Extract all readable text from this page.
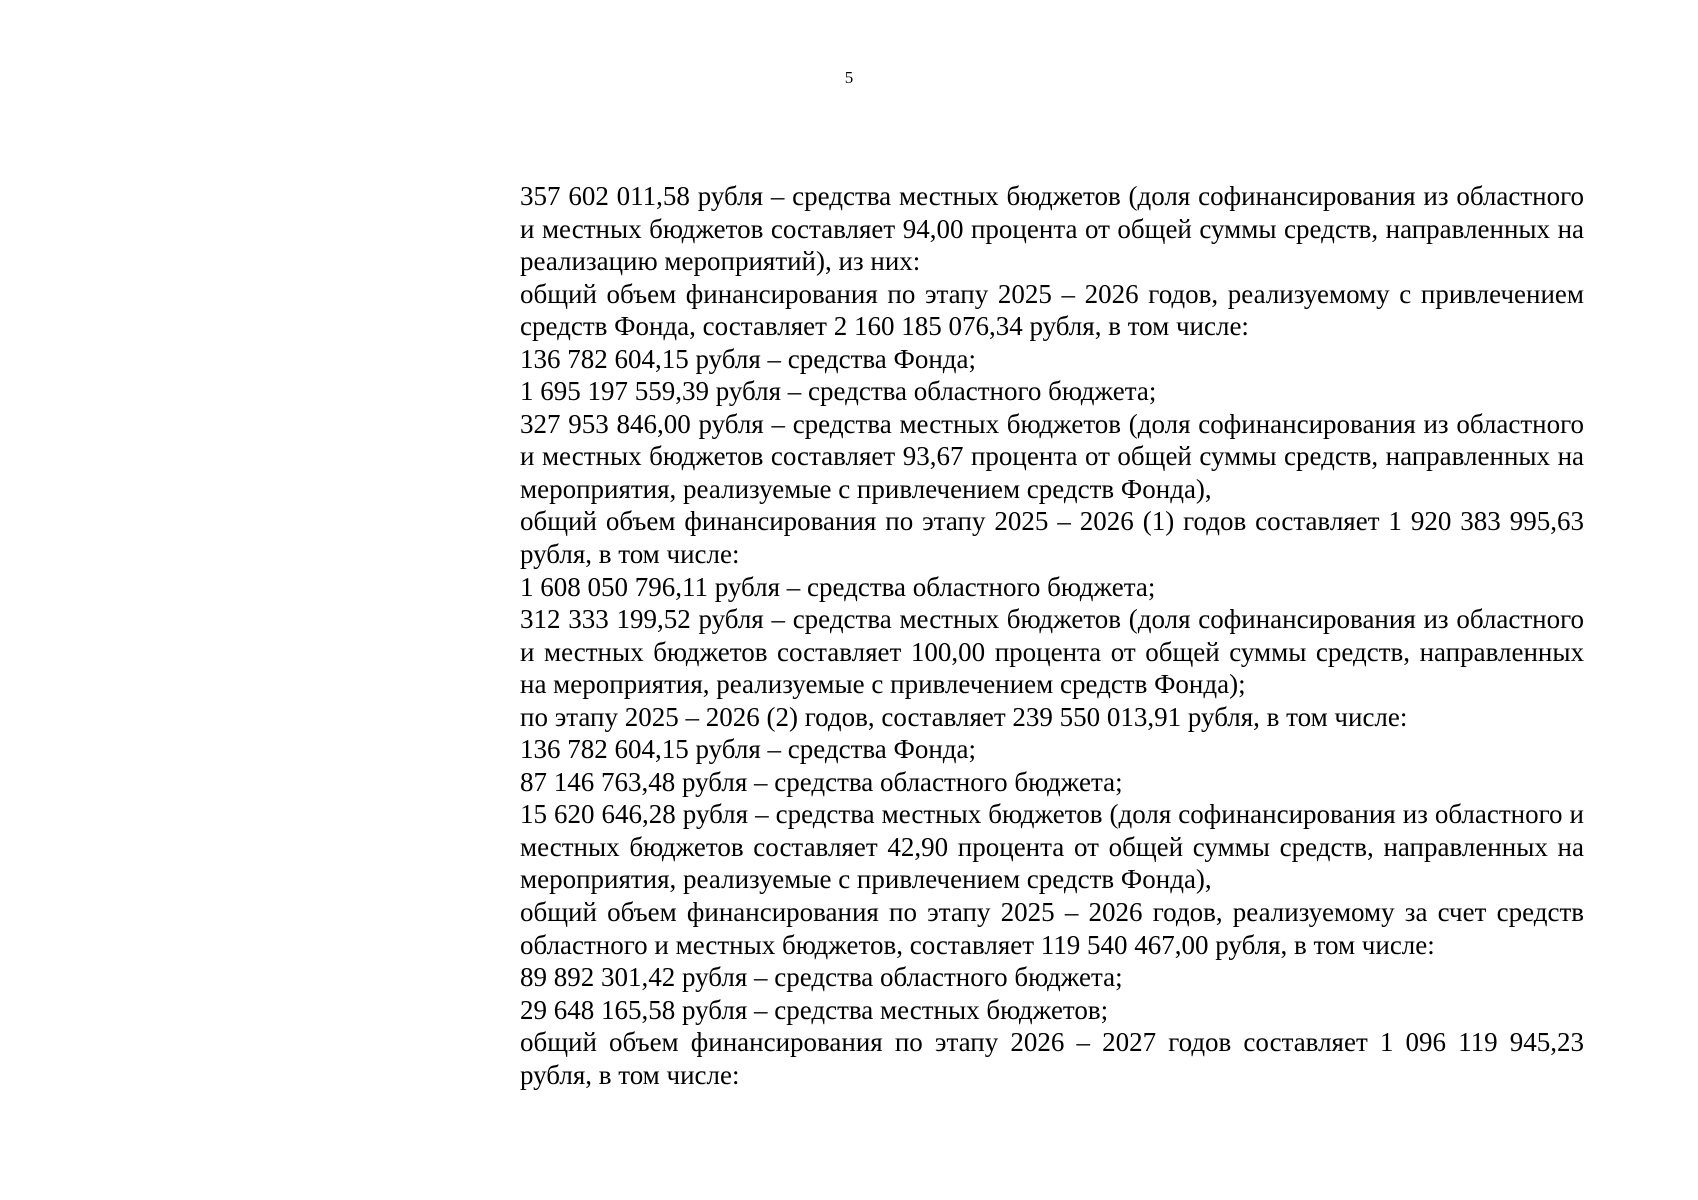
5

357 602 011,58 рубля – средства местных бюджетов (доля софинансирования из областного и местных бюджетов составляет 94,00 процента от общей суммы средств, направленных на реализацию мероприятий), из них:

общий объем финансирования по этапу 2025 – 2026 годов, реализуемому с привлечением средств Фонда, составляет 2 160 185 076,34 рубля, в том числе:

136 782 604,15 рубля – средства Фонда;

1 695 197 559,39 рубля – средства областного бюджета;

327 953 846,00 рубля – средства местных бюджетов (доля софинансирования из областного и местных бюджетов составляет 93,67 процента от общей суммы средств, направленных на мероприятия, реализуемые с привлечением средств Фонда),

общий объем финансирования по этапу 2025 – 2026 (1) годов составляет 1 920 383 995,63 рубля, в том числе:

1 608 050 796,11 рубля – средства областного бюджета;

312 333 199,52 рубля – средства местных бюджетов (доля софинансирования из областного и местных бюджетов составляет 100,00 процента от общей суммы средств, направленных на мероприятия, реализуемые с привлечением средств Фонда);

по этапу 2025 – 2026 (2) годов, составляет 239 550 013,91 рубля, в том числе:

136 782 604,15 рубля – средства Фонда;

87 146 763,48 рубля – средства областного бюджета;

15 620 646,28 рубля – средства местных бюджетов (доля софинансирования из областного и местных бюджетов составляет 42,90 процента от общей суммы средств, направленных на мероприятия, реализуемые с привлечением средств Фонда),

общий объем финансирования по этапу 2025 – 2026 годов, реализуемому за счет средств областного и местных бюджетов, составляет 119 540 467,00 рубля, в том числе:

89 892 301,42 рубля – средства областного бюджета;

29 648 165,58 рубля – средства местных бюджетов;

общий объем финансирования по этапу 2026 – 2027 годов составляет 1 096 119 945,23 рубля, в том числе:
